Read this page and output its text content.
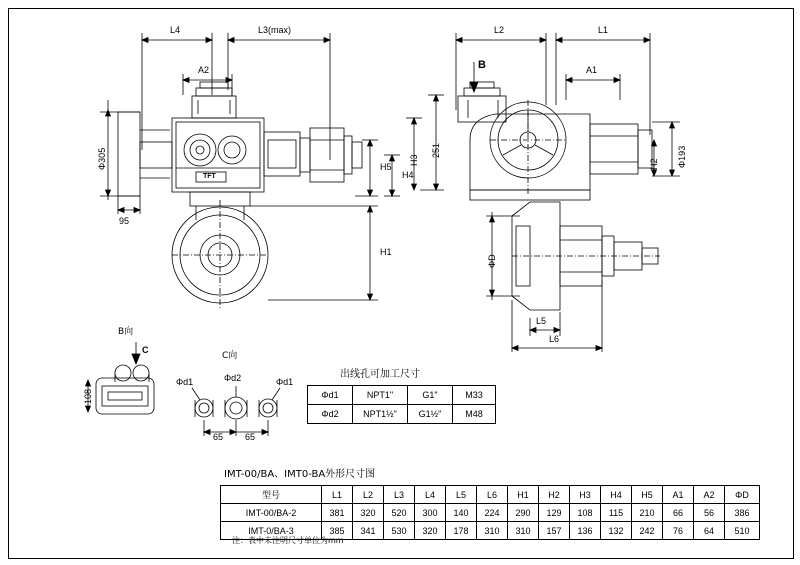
L4	L3(max)
A2
Φ305
95
H5
H4
H1
TFT
L2	L1
B	A1
251
H3	H2 Φ193
ΦD
L5
L6
B向
C
C向
108
Φd1	Φd2	Φd1
65 65
出线孔可加工尺寸
Φd1	NPT1"	G1"	M33
Φd2	NPT1½"	G1½"	M48
IMT-00/BA、IMT0-BA外形尺寸图
型号	L1	L2	L3	L4	L5	L6	H1	H2	H3	H4	H5	A1	A2	ΦD
IMT-00/BA-2	381	320	520	300	140	224	290	129	108	115	210	66	56	386
IMT-0/BA-3	385	341	530	320	178	310	310	157	136	132	242	76	64	510
注：表中未注明尺寸单位为mm
